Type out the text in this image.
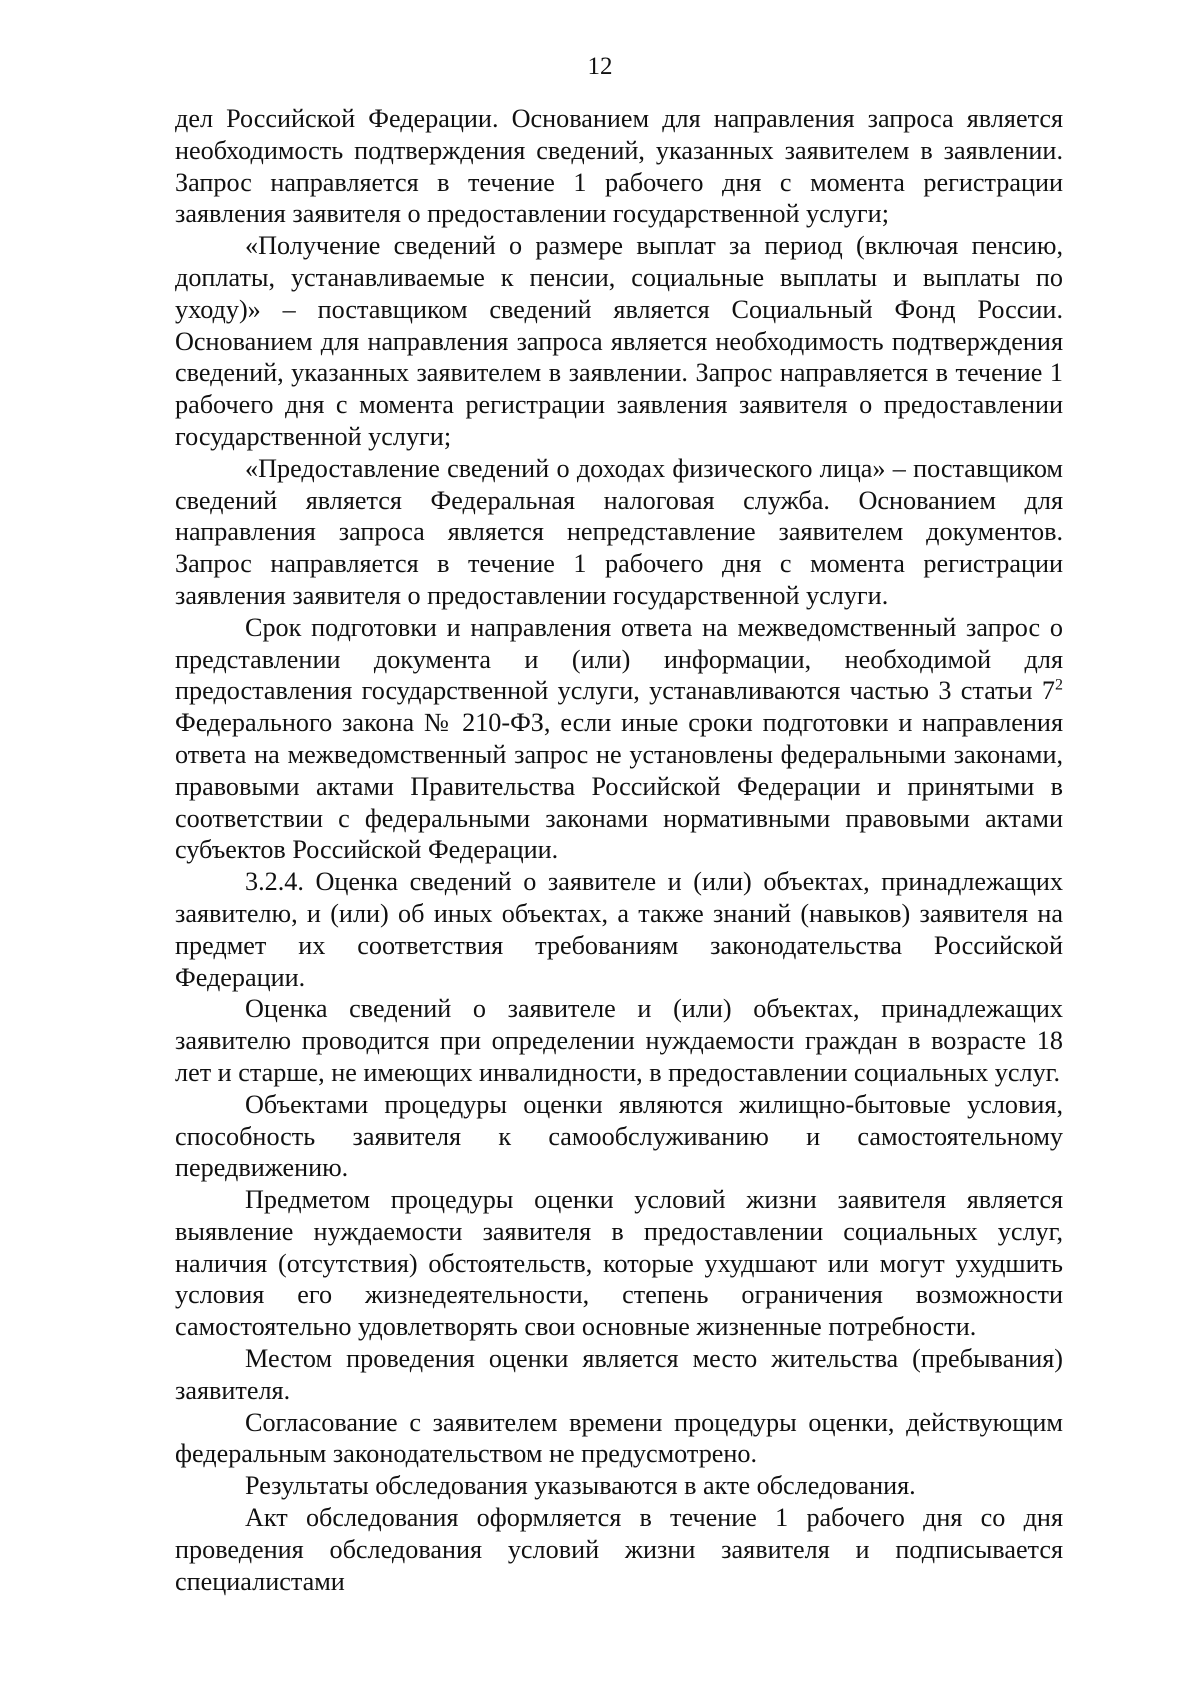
12

дел Российской Федерации. Основанием для направления запроса является необходимость подтверждения сведений, указанных заявителем в заявлении. Запрос направляется в течение 1 рабочего дня с момента регистрации заявления заявителя о предоставлении государственной услуги;

«Получение сведений о размере выплат за период (включая пенсию, доплаты, устанавливаемые к пенсии, социальные выплаты и выплаты по уходу)» – поставщиком сведений является Социальный Фонд России. Основанием для направления запроса является необходимость подтверждения сведений, указанных заявителем в заявлении. Запрос направляется в течение 1 рабочего дня с момента регистрации заявления заявителя о предоставлении государственной услуги;

«Предоставление сведений о доходах физического лица» – поставщиком сведений является Федеральная налоговая служба. Основанием для направления запроса является непредставление заявителем документов. Запрос направляется в течение 1 рабочего дня с момента регистрации заявления заявителя о предоставлении государственной услуги.

Срок подготовки и направления ответа на межведомственный запрос о представлении документа и (или) информации, необходимой для предоставления государственной услуги, устанавливаются частью 3 статьи $7^2$ Федерального закона № 210-ФЗ, если иные сроки подготовки и направления ответа на межведомственный запрос не установлены федеральными законами, правовыми актами Правительства Российской Федерации и принятыми в соответствии с федеральными законами нормативными правовыми актами субъектов Российской Федерации.

3.2.4. Оценка сведений о заявителе и (или) объектах, принадлежащих заявителю, и (или) об иных объектах, а также знаний (навыков) заявителя на предмет их соответствия требованиям законодательства Российской Федерации.

Оценка сведений о заявителе и (или) объектах, принадлежащих заявителю проводится при определении нуждаемости граждан в возрасте 18 лет и старше, не имеющих инвалидности, в предоставлении социальных услуг.

Объектами процедуры оценки являются жилищно-бытовые условия, способность заявителя к самообслуживанию и самостоятельному передвижению.

Предметом процедуры оценки условий жизни заявителя является выявление нуждаемости заявителя в предоставлении социальных услуг, наличия (отсутствия) обстоятельств, которые ухудшают или могут ухудшить условия его жизнедеятельности, степень ограничения возможности самостоятельно удовлетворять свои основные жизненные потребности.

Местом проведения оценки является место жительства (пребывания) заявителя.

Согласование с заявителем времени процедуры оценки, действующим федеральным законодательством не предусмотрено.

Результаты обследования указываются в акте обследования.

Акт обследования оформляется в течение 1 рабочего дня со дня проведения обследования условий жизни заявителя и подписывается специалистами
